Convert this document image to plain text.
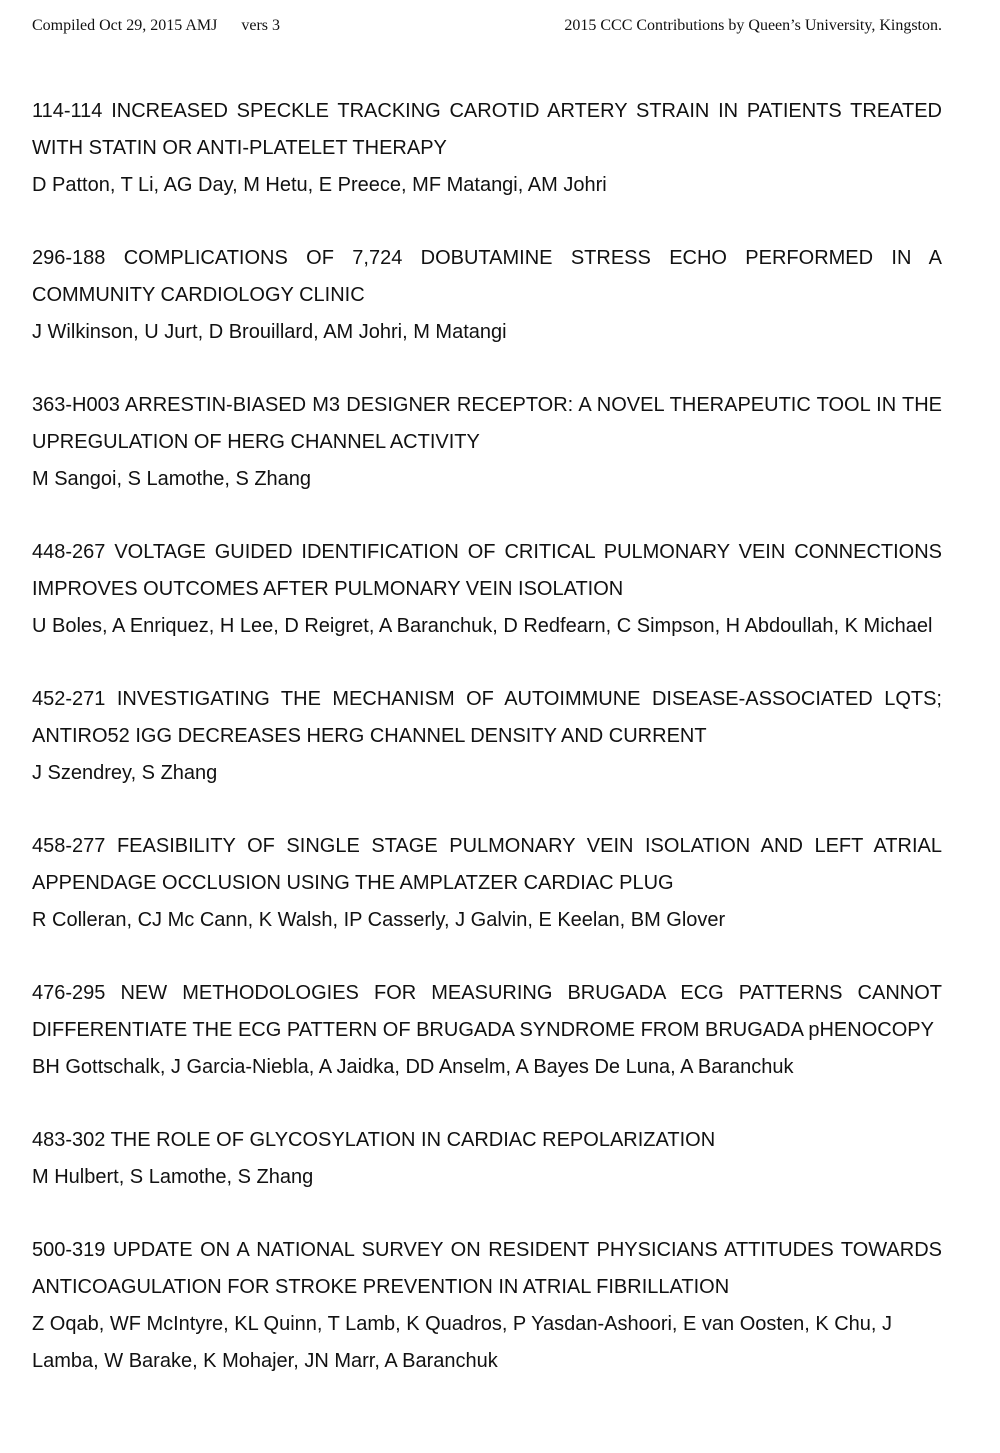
Compiled Oct 29, 2015 AMJ      vers 3	2015 CCC Contributions by Queen’s University, Kingston.

114-114 INCREASED SPECKLE TRACKING CAROTID ARTERY STRAIN IN PATIENTS TREATED WITH STATIN OR ANTI-PLATELET THERAPY

D Patton, T Li, AG Day, M Hetu, E Preece, MF Matangi, AM Johri

296-188 COMPLICATIONS OF 7,724 DOBUTAMINE STRESS ECHO PERFORMED IN A COMMUNITY CARDIOLOGY CLINIC

J Wilkinson, U Jurt, D Brouillard, AM Johri, M Matangi

363-H003 ARRESTIN-BIASED M3 DESIGNER RECEPTOR: A NOVEL THERAPEUTIC TOOL IN THE UPREGULATION OF HERG CHANNEL ACTIVITY

M Sangoi, S Lamothe, S Zhang

448-267 VOLTAGE GUIDED IDENTIFICATION OF CRITICAL PULMONARY VEIN CONNECTIONS IMPROVES OUTCOMES AFTER PULMONARY VEIN ISOLATION

U Boles, A Enriquez, H Lee, D Reigret, A Baranchuk, D Redfearn, C Simpson, H Abdoullah, K Michael

452-271 INVESTIGATING THE MECHANISM OF AUTOIMMUNE DISEASE-ASSOCIATED LQTS; ANTIRO52 IGG DECREASES HERG CHANNEL DENSITY AND CURRENT

J Szendrey, S Zhang

458-277 FEASIBILITY OF SINGLE STAGE PULMONARY VEIN ISOLATION AND LEFT ATRIAL APPENDAGE OCCLUSION USING THE AMPLATZER CARDIAC PLUG

R Colleran, CJ Mc Cann, K Walsh, IP Casserly, J Galvin, E Keelan, BM Glover

476-295 NEW METHODOLOGIES FOR MEASURING BRUGADA ECG PATTERNS CANNOT DIFFERENTIATE THE ECG PATTERN OF BRUGADA SYNDROME FROM BRUGADA pHENOCOPY

BH Gottschalk, J Garcia-Niebla, A Jaidka, DD Anselm, A Bayes De Luna, A Baranchuk

483-302 THE ROLE OF GLYCOSYLATION IN CARDIAC REPOLARIZATION

M Hulbert, S Lamothe, S Zhang

500-319 UPDATE ON A NATIONAL SURVEY ON RESIDENT PHYSICIANS ATTITUDES TOWARDS ANTICOAGULATION FOR STROKE PREVENTION IN ATRIAL FIBRILLATION

Z Oqab, WF McIntyre, KL Quinn, T Lamb, K Quadros, P Yasdan-Ashoori, E van Oosten, K Chu, J Lamba, W Barake, K Mohajer, JN Marr, A Baranchuk
